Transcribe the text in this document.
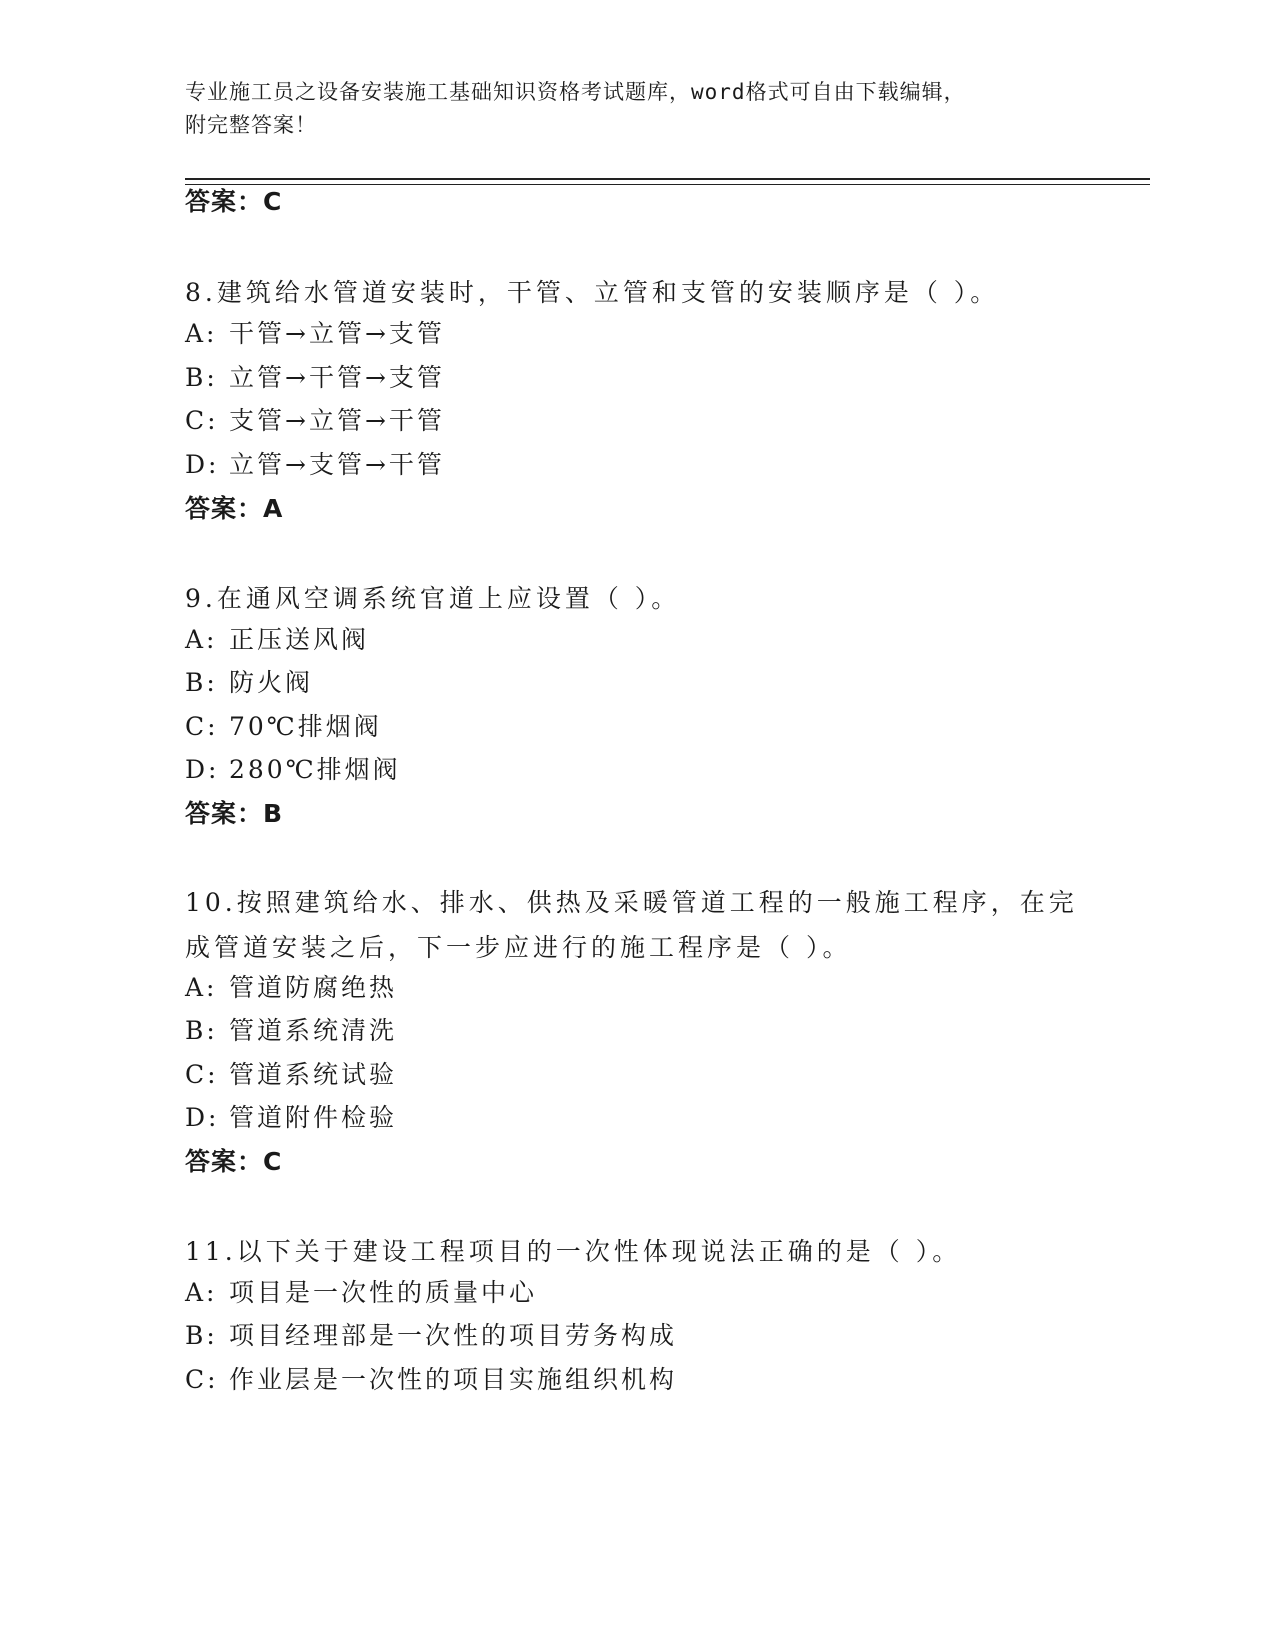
专业施工员之设备安装施工基础知识资格考试题库，word格式可自由下载编辑，
附完整答案！
答案：C
8.建筑给水管道安装时，干管、立管和支管的安装顺序是（ ）。
A: 干管→立管→支管
B: 立管→干管→支管
C: 支管→立管→干管
D: 立管→支管→干管
答案：A
9.在通风空调系统官道上应设置（ ）。
A: 正压送风阀
B: 防火阀
C: 70℃排烟阀
D: 280℃排烟阀
答案：B
10.按照建筑给水、排水、供热及采暖管道工程的一般施工程序，在完
成管道安装之后，下一步应进行的施工程序是（ ）。
A: 管道防腐绝热
B: 管道系统清洗
C: 管道系统试验
D: 管道附件检验
答案：C
11.以下关于建设工程项目的一次性体现说法正确的是（ ）。
A: 项目是一次性的质量中心
B: 项目经理部是一次性的项目劳务构成
C: 作业层是一次性的项目实施组织机构
